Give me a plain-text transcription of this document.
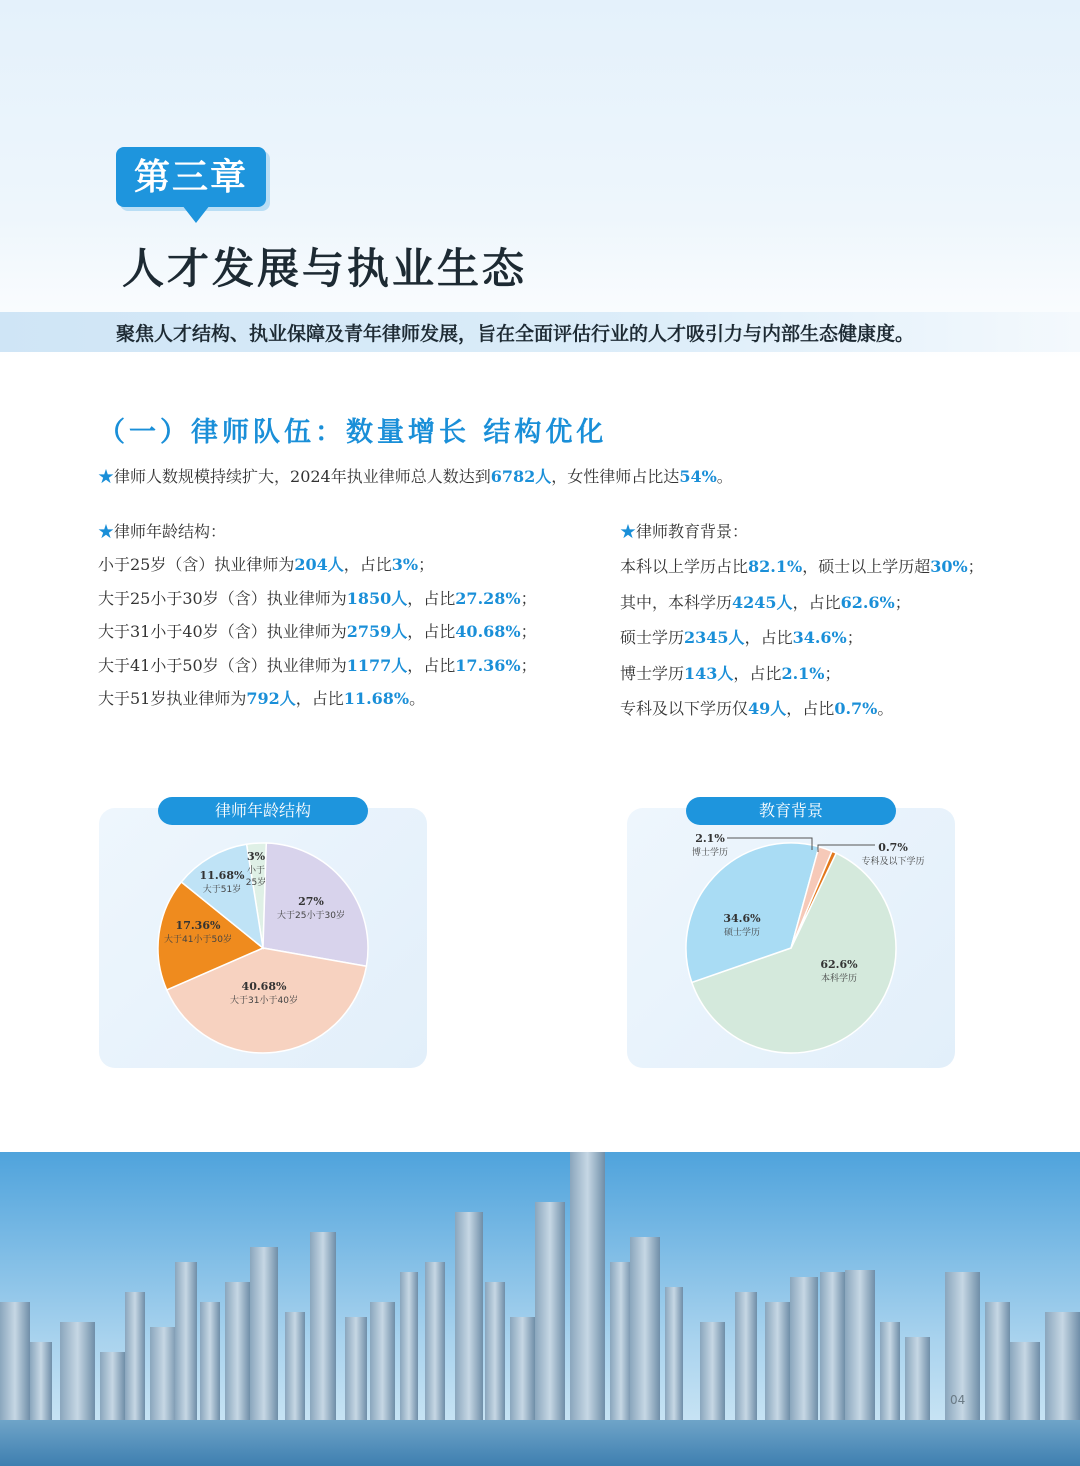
第三章
人才发展与执业生态
聚焦人才结构、执业保障及青年律师发展，旨在全面评估行业的人才吸引力与内部生态健康度。
（一）律师队伍：数量增长 结构优化
★律师人数规模持续扩大，2024年执业律师总人数达到6782人，女性律师占比达54%。
★律师年龄结构：
小于25岁（含）执业律师为204人，占比3%；
大于25小于30岁（含）执业律师为1850人，占比27.28%；
大于31小于40岁（含）执业律师为2759人，占比40.68%；
大于41小于50岁（含）执业律师为1177人，占比17.36%；
大于51岁执业律师为792人，占比11.68%。
★律师教育背景：
本科以上学历占比82.1%，硕士以上学历超30%；
其中，本科学历4245人，占比62.6%；
硕士学历2345人，占比34.6%；
博士学历143人，占比2.1%；
专科及以下学历仅49人，占比0.7%。
律师年龄结构	教育背景
3%
小于
25岁
27%
大于25小于30岁
40.68%
大于31小于40岁
17.36%
大于41小于50岁
11.68%
大于51岁
62.6%
本科学历
34.6%
硕士学历
2.1%
博士学历	0.7%
专科及以下学历
04
